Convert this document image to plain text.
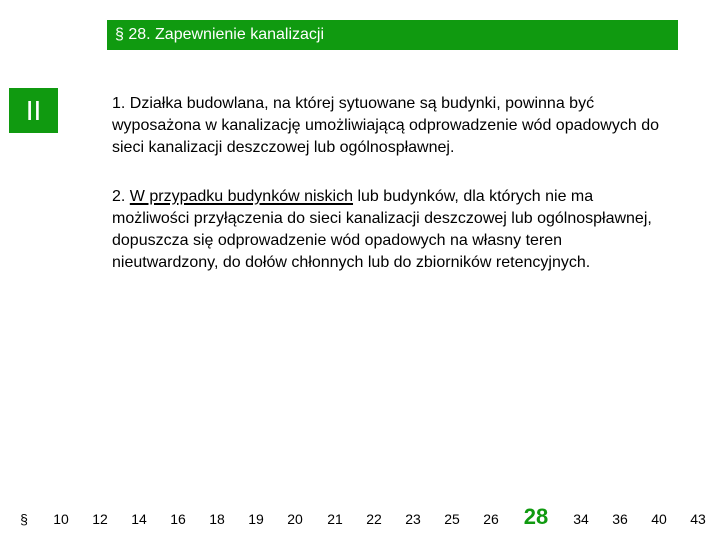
§ 28. Zapewnienie kanalizacji
II	1. Działka budowlana, na której sytuowane są budynki, powinna być wyposażona w kanalizację umożliwiającą odprowadzenie wód opadowych do sieci kanalizacji deszczowej lub ogólnospławnej.

2. W przypadku budynków niskich lub budynków, dla których nie ma możliwości przyłączenia do sieci kanalizacji deszczowej lub ogólnospławnej, dopuszcza się odprowadzenie wód opadowych na własny teren nieutwardzony, do dołów chłonnych lub do zbiorników retencyjnych.

§ 10 12 14 16 18 19 20 21 22 23 25 26 28 34 36 40 43
